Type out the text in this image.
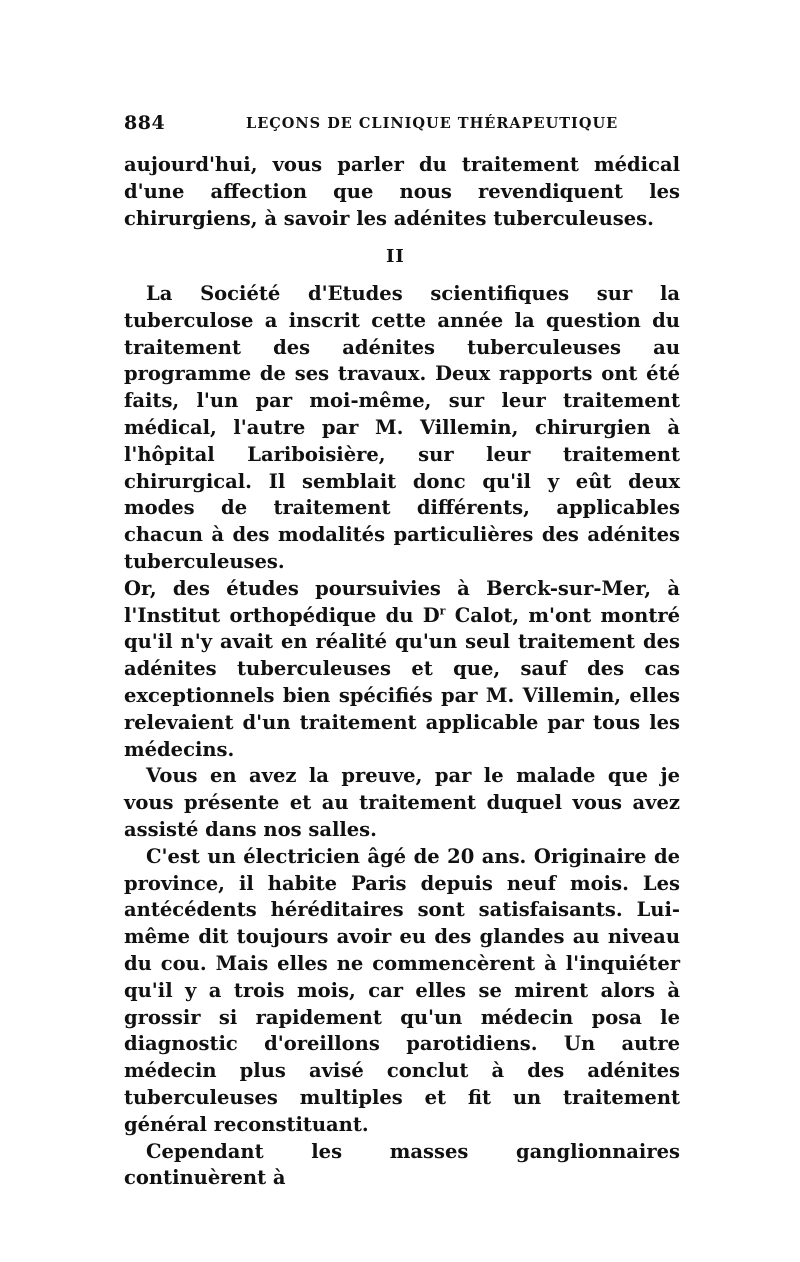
884	LEÇONS DE CLINIQUE THÉRAPEUTIQUE

aujourd'hui, vous parler du traitement médical d'une affection que nous revendiquent les chirurgiens, à savoir les adénites tuberculeuses.

II

La Société d'Etudes scientifiques sur la tuberculose a inscrit cette année la question du traitement des adénites tuberculeuses au programme de ses travaux. Deux rapports ont été faits, l'un par moi-même, sur leur traitement médical, l'autre par M. Villemin, chirurgien à l'hôpital Lariboisière, sur leur traitement chirurgical. Il semblait donc qu'il y eût deux modes de traitement différents, applicables chacun à des modalités particulières des adénites tuberculeuses.

Or, des études poursuivies à Berck-sur-Mer, à l'Institut orthopédique du $D^r$ Calot, m'ont montré qu'il n'y avait en réalité qu'un seul traitement des adénites tuberculeuses et que, sauf des cas exceptionnels bien spécifiés par M. Villemin, elles relevaient d'un traitement applicable par tous les médecins.

Vous en avez la preuve, par le malade que je vous présente et au traitement duquel vous avez assisté dans nos salles.

C'est un électricien âgé de 20 ans. Originaire de province, il habite Paris depuis neuf mois. Les antécédents héréditaires sont satisfaisants. Lui-même dit toujours avoir eu des glandes au niveau du cou. Mais elles ne commencèrent à l'inquiéter qu'il y a trois mois, car elles se mirent alors à grossir si rapidement qu'un médecin posa le diagnostic d'oreillons parotidiens. Un autre médecin plus avisé conclut à des adénites tuberculeuses multiples et fit un traitement général reconstituant.

Cependant les masses ganglionnaires continuèrent à
